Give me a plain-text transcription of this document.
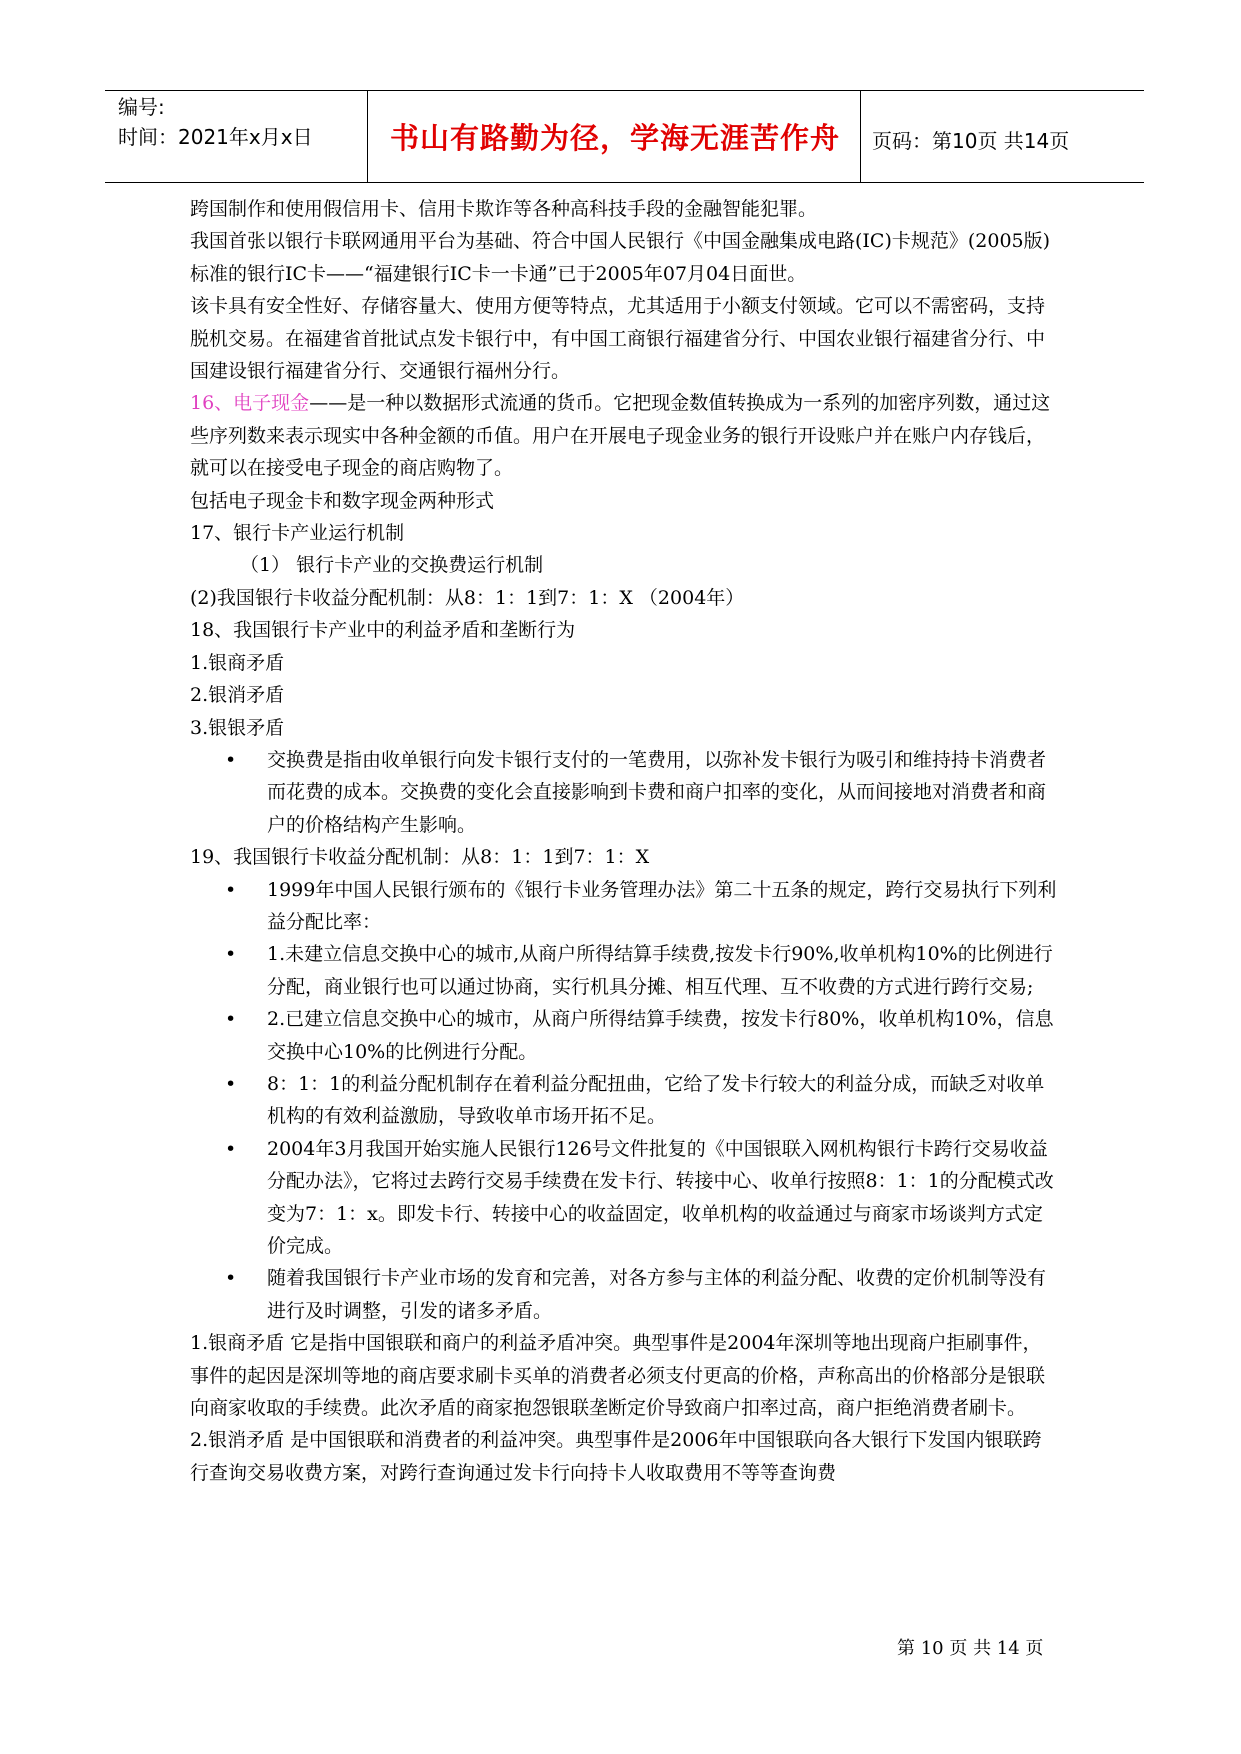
编号:
时间：2021年x月x日	书山有路勤为径，学海无涯苦作舟	页码：第10页 共14页

跨国制作和使用假信用卡、信用卡欺诈等各种高科技手段的金融智能犯罪。

我国首张以银行卡联网通用平台为基础、符合中国人民银行《中国金融集成电路(IC)卡规范》(2005版)标准的银行IC卡——“福建银行IC卡一卡通”已于2005年07月04日面世。

该卡具有安全性好、存储容量大、使用方便等特点，尤其适用于小额支付领域。它可以不需密码，支持脱机交易。在福建省首批试点发卡银行中，有中国工商银行福建省分行、中国农业银行福建省分行、中国建设银行福建省分行、交通银行福州分行。

16、电子现金——是一种以数据形式流通的货币。它把现金数值转换成为一系列的加密序列数，通过这些序列数来表示现实中各种金额的币值。用户在开展电子现金业务的银行开设账户并在账户内存钱后，就可以在接受电子现金的商店购物了。

包括电子现金卡和数字现金两种形式

17、银行卡产业运行机制

（1） 银行卡产业的交换费运行机制

(2)我国银行卡收益分配机制：从8：1：1到7：1：X （2004年）

18、我国银行卡产业中的利益矛盾和垄断行为

1.银商矛盾

2.银消矛盾

3.银银矛盾

• 交换费是指由收单银行向发卡银行支付的一笔费用，以弥补发卡银行为吸引和维持持卡消费者而花费的成本。交换费的变化会直接影响到卡费和商户扣率的变化，从而间接地对消费者和商户的价格结构产生影响。

19、我国银行卡收益分配机制：从8：1：1到7：1：X

• 1999年中国人民银行颁布的《银行卡业务管理办法》第二十五条的规定，跨行交易执行下列利益分配比率：

• 1.未建立信息交换中心的城市,从商户所得结算手续费,按发卡行90%,收单机构10%的比例进行分配，商业银行也可以通过协商，实行机具分摊、相互代理、互不收费的方式进行跨行交易;

• 2.已建立信息交换中心的城市，从商户所得结算手续费，按发卡行80%，收单机构10%，信息交换中心10%的比例进行分配。

• 8：1：1的利益分配机制存在着利益分配扭曲，它给了发卡行较大的利益分成，而缺乏对收单机构的有效利益激励，导致收单市场开拓不足。

• 2004年3月我国开始实施人民银行126号文件批复的《中国银联入网机构银行卡跨行交易收益分配办法》，它将过去跨行交易手续费在发卡行、转接中心、收单行按照8：1：1的分配模式改变为7：1：x。即发卡行、转接中心的收益固定，收单机构的收益通过与商家市场谈判方式定价完成。

• 随着我国银行卡产业市场的发育和完善，对各方参与主体的利益分配、收费的定价机制等没有进行及时调整，引发的诸多矛盾。

1.银商矛盾 它是指中国银联和商户的利益矛盾冲突。典型事件是2004年深圳等地出现商户拒刷事件，事件的起因是深圳等地的商店要求刷卡买单的消费者必须支付更高的价格，声称高出的价格部分是银联向商家收取的手续费。此次矛盾的商家抱怨银联垄断定价导致商户扣率过高，商户拒绝消费者刷卡。

2.银消矛盾 是中国银联和消费者的利益冲突。典型事件是2006年中国银联向各大银行下发国内银联跨行查询交易收费方案，对跨行查询通过发卡行向持卡人收取费用不等等查询费

第 10 页 共 14 页
